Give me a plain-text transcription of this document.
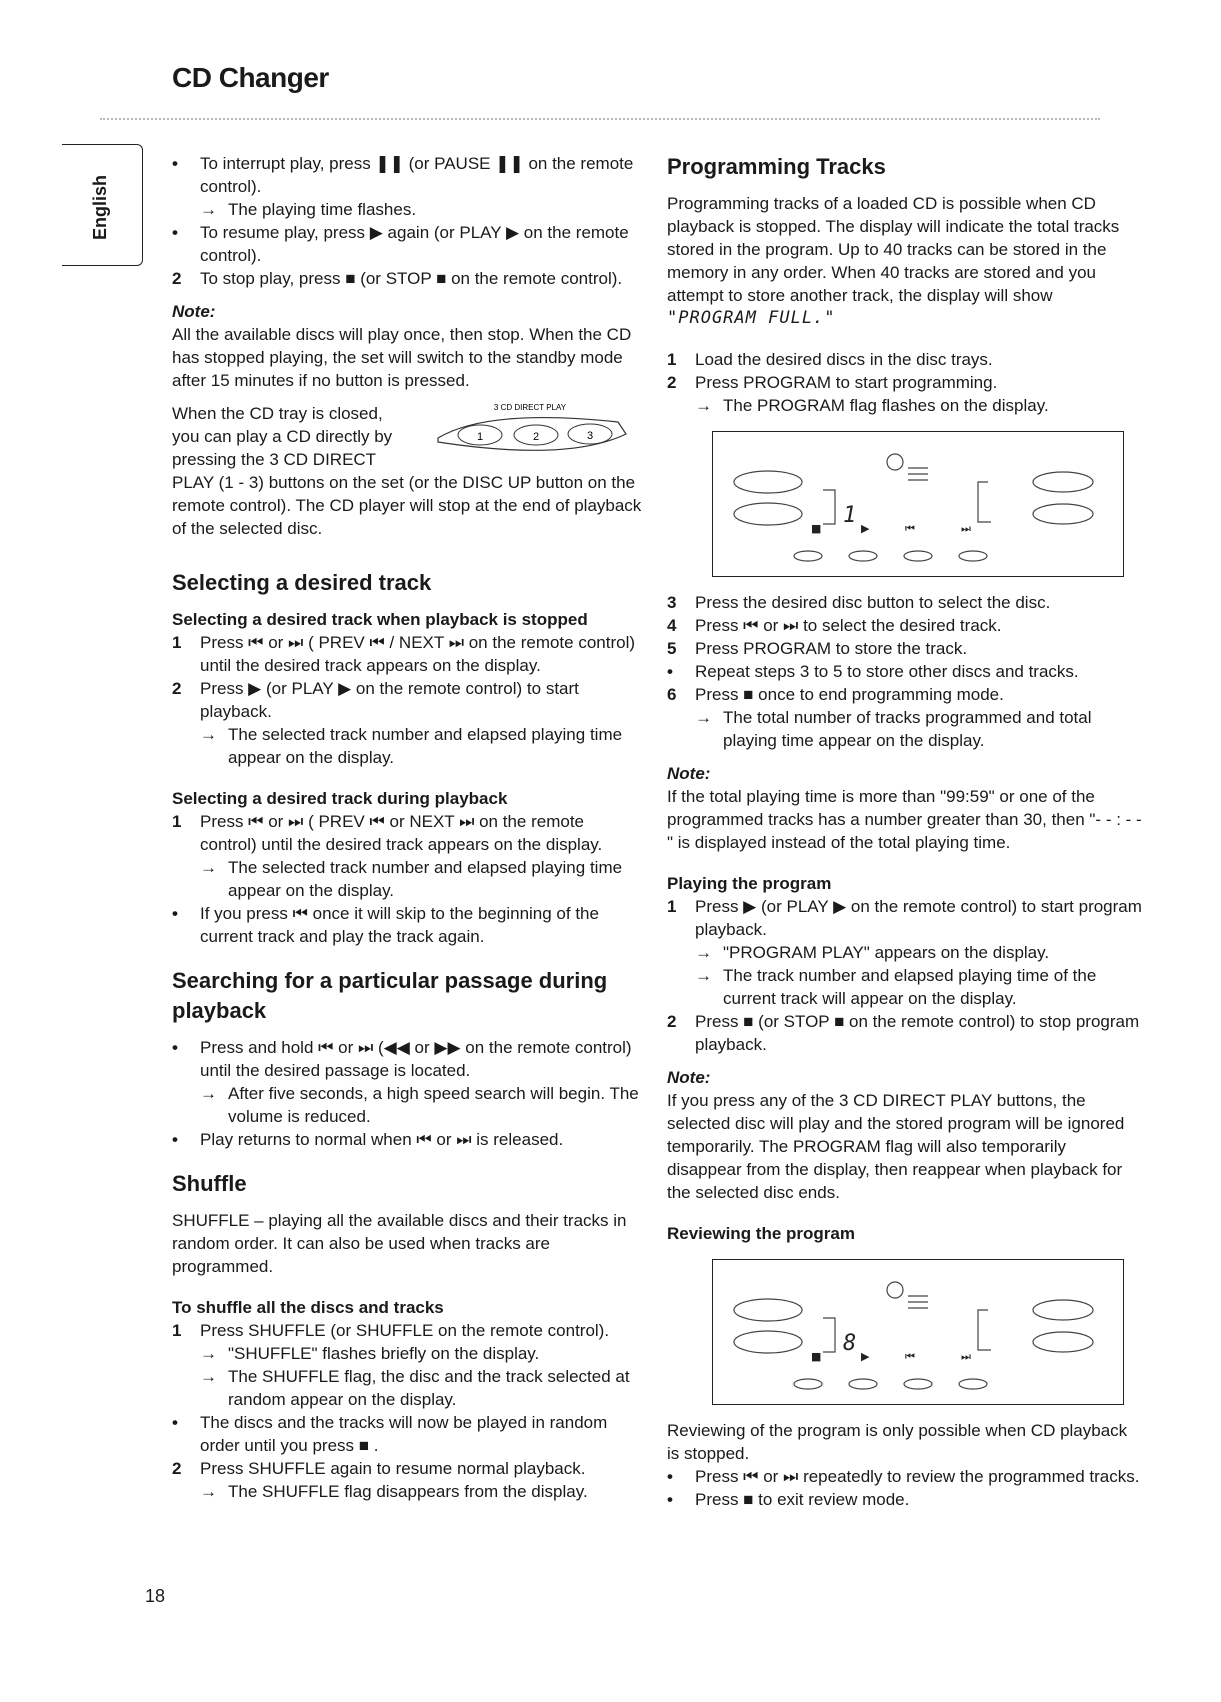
CD Changer
English
• To interrupt play, press ❚❚ (or PAUSE ❚❚ on the remote control).
→ The playing time flashes.
• To resume play, press ▶ again (or PLAY ▶ on the remote control).
2 To stop play, press ■ (or STOP ■ on the remote control).

Note:

All the available discs will play once, then stop. When the CD has stopped playing, the set will switch to the standby mode after 15 minutes if no button is pressed.

When the CD tray is closed, you can play a CD directly by pressing the 3 CD DIRECT

3 CD DIRECT PLAY
1	2	3

PLAY (1 - 3) buttons on the set (or the DISC UP button on the remote control). The CD player will stop at the end of playback of the selected disc.

Selecting a desired track

Selecting a desired track when playback is stopped

1 Press ⏮ or ⏭ ( PREV ⏮ / NEXT ⏭ on the remote control) until the desired track appears on the display.
2 Press ▶ (or PLAY ▶ on the remote control) to start playback.
→ The selected track number and elapsed playing time appear on the display.

Selecting a desired track during playback

1 Press ⏮ or ⏭ ( PREV ⏮ or NEXT ⏭ on the remote control) until the desired track appears on the display.
→ The selected track number and elapsed playing time appear on the display.
• If you press ⏮ once it will skip to the beginning of the current track and play the track again.

Searching for a particular passage during playback

• Press and hold ⏮ or ⏭ (◀◀ or ▶▶ on the remote control) until the desired passage is located.
→ After five seconds, a high speed search will begin. The volume is reduced.
• Play returns to normal when ⏮ or ⏭ is released.

Shuffle

SHUFFLE – playing all the available discs and their tracks in random order. It can also be used when tracks are programmed.

To shuffle all the discs and tracks

1 Press SHUFFLE (or SHUFFLE on the remote control).
→ "SHUFFLE" flashes briefly on the display.
→ The SHUFFLE flag, the disc and the track selected at random appear on the display.
• The discs and the tracks will now be played in random order until you press ■ .
2 Press SHUFFLE again to resume normal playback.
→ The SHUFFLE flag disappears from the display.

Programming Tracks

Programming tracks of a loaded CD is possible when CD playback is stopped. The display will indicate the total tracks stored in the program. Up to 40 tracks can be stored in the memory in any order. When 40 tracks are stored and you attempt to store another track, the display will show

"PROGRAM FULL."

1 Load the desired discs in the disc trays.
2 Press PROGRAM to start programming.
→ The PROGRAM flag flashes on the display.
1
■	▶	⏮	⏭
3 Press the desired disc button to select the disc.
4 Press ⏮ or ⏭ to select the desired track.
5 Press PROGRAM to store the track.
• Repeat steps 3 to 5 to store other discs and tracks.
6 Press ■ once to end programming mode.
→ The total number of tracks programmed and total playing time appear on the display.

Note:

If the total playing time is more than "99:59" or one of the programmed tracks has a number greater than 30, then "- - : - -" is displayed instead of the total playing time.

Playing the program

1 Press ▶ (or PLAY ▶ on the remote control) to start program playback.
→ "PROGRAM PLAY" appears on the display.
→ The track number and elapsed playing time of the current track will appear on the display.
2 Press ■ (or STOP ■ on the remote control) to stop program playback.

Note:

If you press any of the 3 CD DIRECT PLAY buttons, the selected disc will play and the stored program will be ignored temporarily. The PROGRAM flag will also temporarily disappear from the display, then reappear when playback for the selected disc ends.

Reviewing the program

8
■	▶	⏮	⏭

Reviewing of the program is only possible when CD playback is stopped.

• Press ⏮ or ⏭ repeatedly to review the programmed tracks.
• Press ■ to exit review mode.
18
